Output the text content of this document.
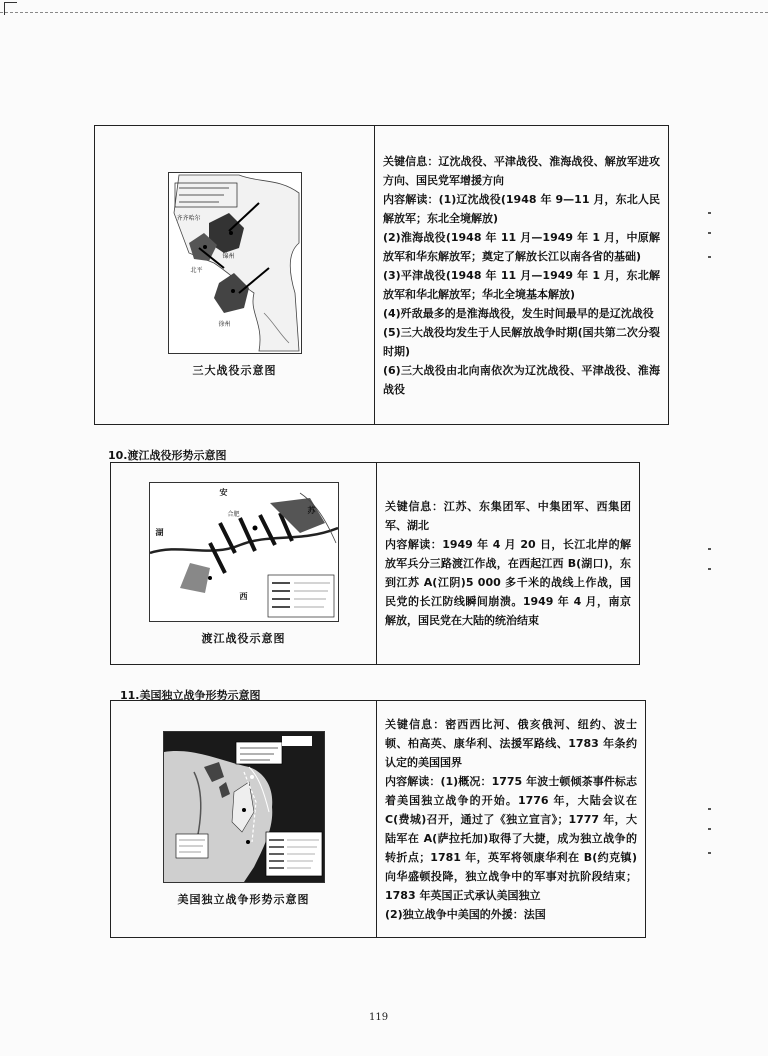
齐齐哈尔
锦州
北平
徐州
三大战役示意图

关键信息：辽沈战役、平津战役、淮海战役、解放军进攻方向、国民党军增援方向
内容解读：(1)辽沈战役(1948 年 9—11 月，东北人民解放军；东北全境解放)
(2)淮海战役(1948 年 11 月—1949 年 1 月，中原解放军和华东解放军；奠定了解放长江以南各省的基础)
(3)平津战役(1948 年 11 月—1949 年 1 月，东北解放军和华北解放军；华北全境基本解放)
(4)歼敌最多的是淮海战役，发生时间最早的是辽沈战役
(5)三大战役均发生于人民解放战争时期(国共第二次分裂时期)
(6)三大战役由北向南依次为辽沈战役、平津战役、淮海战役
10.渡江战役形势示意图
安
合肥	苏
湖
西
渡江战役示意图

关键信息：江苏、东集团军、中集团军、西集团军、湖北
内容解读：1949 年 4 月 20 日，长江北岸的解放军兵分三路渡江作战，在西起江西 B(湖口)，东到江苏 A(江阴)5 000 多千米的战线上作战，国民党的长江防线瞬间崩溃。1949 年 4 月，南京解放，国民党在大陆的统治结束
11.美国独立战争形势示意图
美国独立战争形势示意图

关键信息：密西西比河、俄亥俄河、纽约、波士顿、柏高英、康华利、法援军路线、1783 年条约认定的美国国界
内容解读：(1)概况：1775 年波士顿倾茶事件标志着美国独立战争的开始。1776 年，大陆会议在 C(费城)召开，通过了《独立宣言》；1777 年，大陆军在 A(萨拉托加)取得了大捷，成为独立战争的转折点；1781 年，英军将领康华利在 B(约克镇)向华盛顿投降，独立战争中的军事对抗阶段结束；1783 年英国正式承认美国独立
(2)独立战争中美国的外援：法国
119
